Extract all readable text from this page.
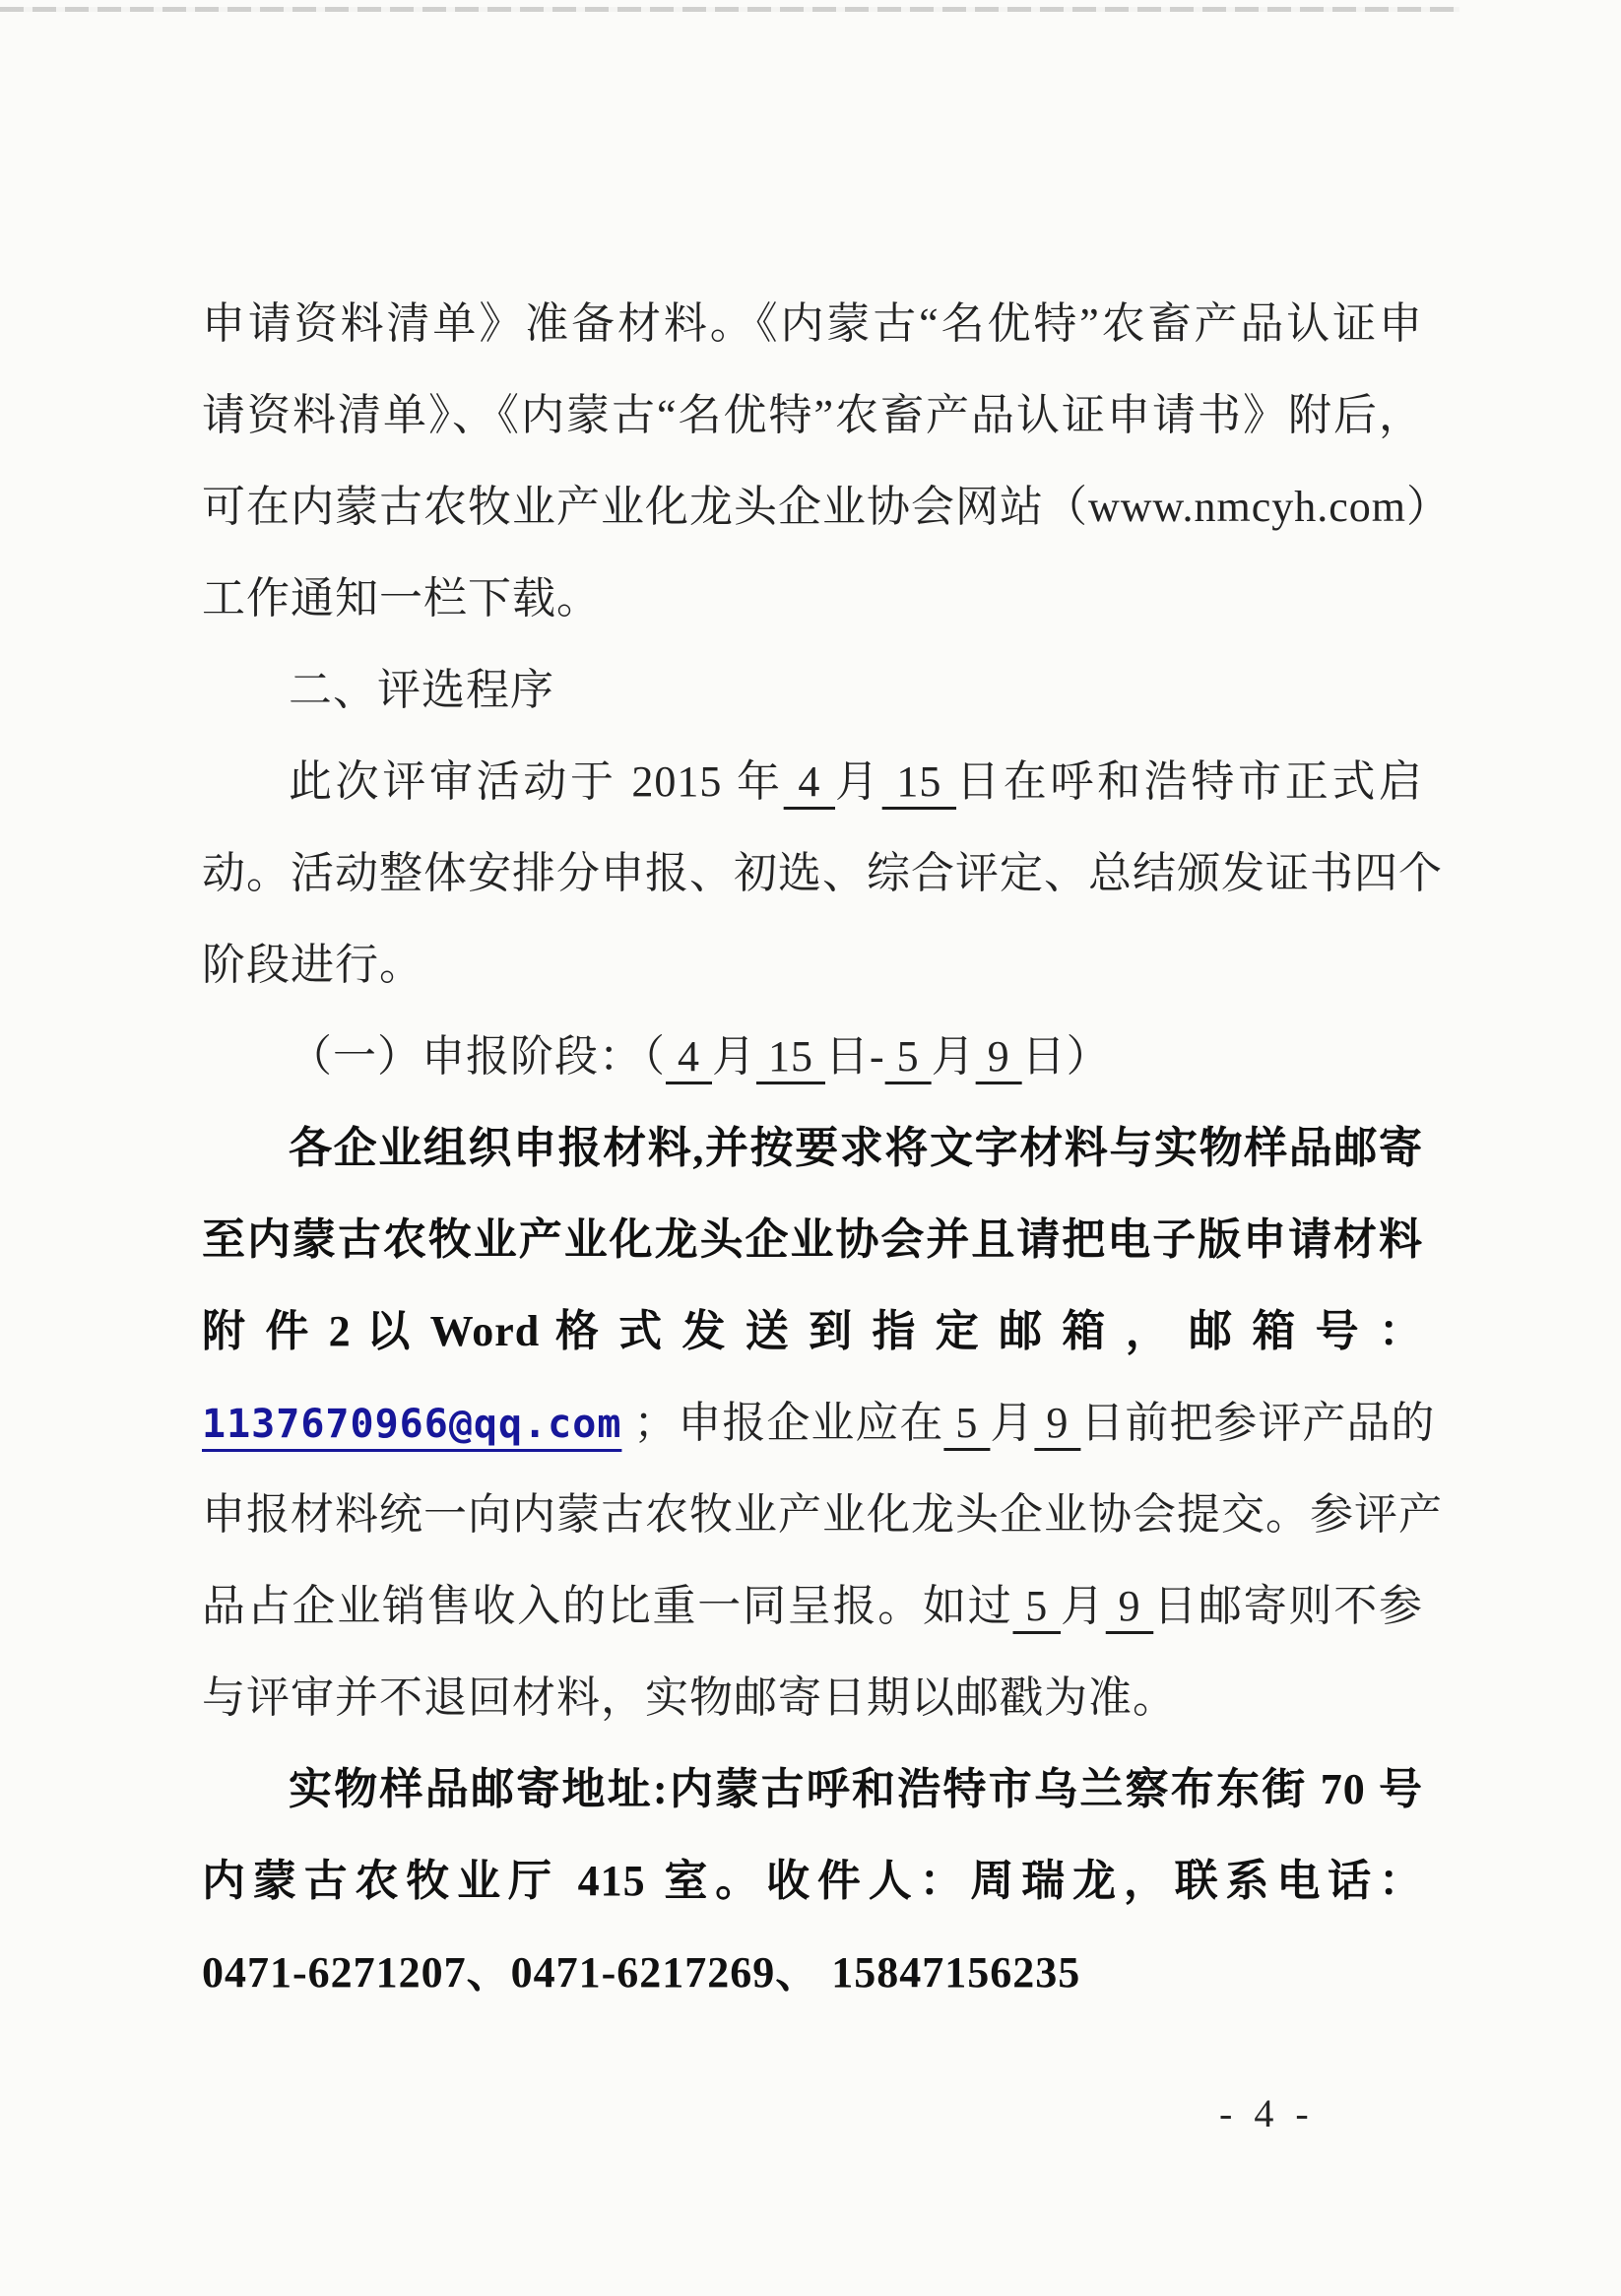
申请资料清单》准备材料。《内蒙古“名优特”农畜产品认证申
请资料清单》、《内蒙古“名优特”农畜产品认证申请书》附后，
可在内蒙古农牧业产业化龙头企业协会网站（www.nmcyh.com）
工作通知一栏下载。
二、评选程序
此次评审活动于 2015 年 4 月 15 日在呼和浩特市正式启
动。活动整体安排分申报、初选、综合评定、总结颁发证书四个
阶段进行。
（一）申报阶段：（ 4 月 15 日- 5 月 9 日）
各企业组织申报材料,并按要求将文字材料与实物样品邮寄
至内蒙古农牧业产业化龙头企业协会并且请把电子版申请材料
附 件 2 以 Word 格 式 发 送 到 指 定 邮 箱 ， 邮 箱 号 ：
1137670966@qq.com ；申报企业应在 5 月 9 日前把参评产品的
申报材料统一向内蒙古农牧业产业化龙头企业协会提交。参评产
品占企业销售收入的比重一同呈报。如过 5 月 9 日邮寄则不参
与评审并不退回材料，实物邮寄日期以邮戳为准。
实物样品邮寄地址:内蒙古呼和浩特市乌兰察布东街 70 号
内蒙古农牧业厅 415 室。收件人：周瑞龙，联系电话：
0471-6271207、0471-6217269、 15847156235
- 4 -
